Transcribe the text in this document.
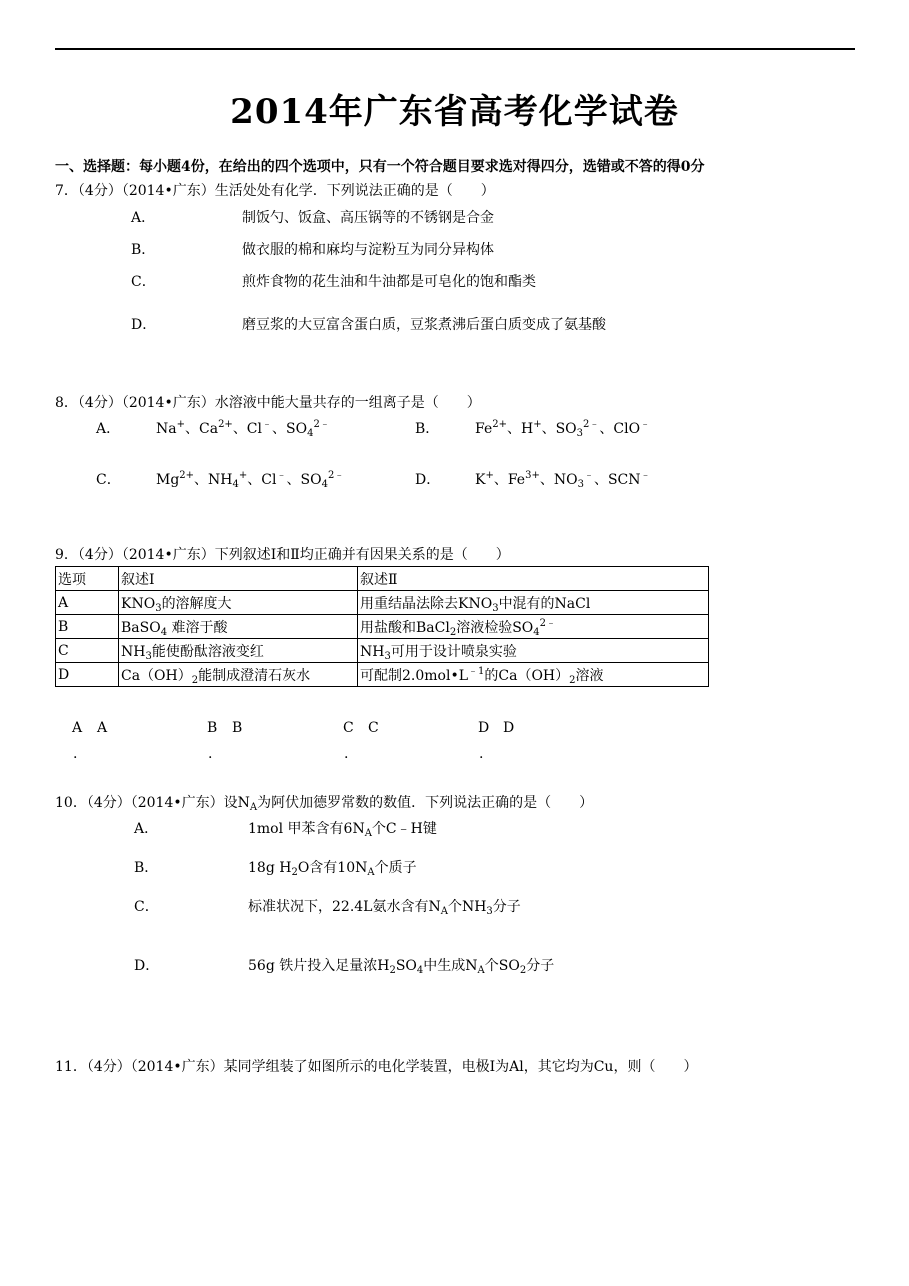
2014年广东省高考化学试卷
一、选择题：每小题4份，在给出的四个选项中，只有一个符合题目要求选对得四分，选错或不答的得0分
7．（4分）（2014•广东）生活处处有化学．下列说法正确的是（　　）
A．	制饭勺、饭盒、高压锅等的不锈钢是合金
B．	做衣服的棉和麻均与淀粉互为同分异构体
C．	煎炸食物的花生油和牛油都是可皂化的饱和酯类
D．	磨豆浆的大豆富含蛋白质，豆浆煮沸后蛋白质变成了氨基酸
8．（4分）（2014•广东）水溶液中能大量共存的一组离子是（　　）
A．	Na+、$Ca^{2+}$、Cl﹣、$SO_4^{2﹣}$	B．	$Fe^{2+}$、H+、$SO_3^{2﹣}$、ClO﹣
C．	$Mg^{2+}$、$NH_4^+$、Cl﹣、$SO_4^{2﹣}$	D． K+、$Fe^{3+}$、$NO_3^﹣$、SCN﹣
9．（4分）（2014•广东）下列叙述Ⅰ和Ⅱ均正确并有因果关系的是（　　）
选项	叙述Ⅰ	叙述Ⅱ
A	$KNO_3$的溶解度大	用重结晶法除去$KNO_3$中混有的NaCl
B	BaSO$_4$ 难溶于酸	用盐酸和BaCl$_2$溶液检验$SO_4^{2﹣}$
C	$NH_3$能使酚酞溶液变红	$NH_3$可用于设计喷泉实验
D	$Ca(OH)_2$能制成澄清石灰水	可配制$2.0mol•L^{﹣1}$的$Ca(OH)_2$溶液
A A
.
B B
.
C C
.
D D
.
10．（4分）（2014•广东）设$N_A$为阿伏加德罗常数的数值．下列说法正确的是（　　）
A．	1mol 甲苯含有$6N_A$个C﹣H键
B．	18g $H_2O$含有$10N_A$个质子
C．	标准状况下，22.4L氨水含有$N_A$个$NH_3$分子
D．	56g 铁片投入足量浓$H_2SO_4$中生成$N_A$个$SO_2$分子
11．（4分）（2014•广东）某同学组装了如图所示的电化学装置，电极Ⅰ为Al，其它均为Cu，则（　　）
